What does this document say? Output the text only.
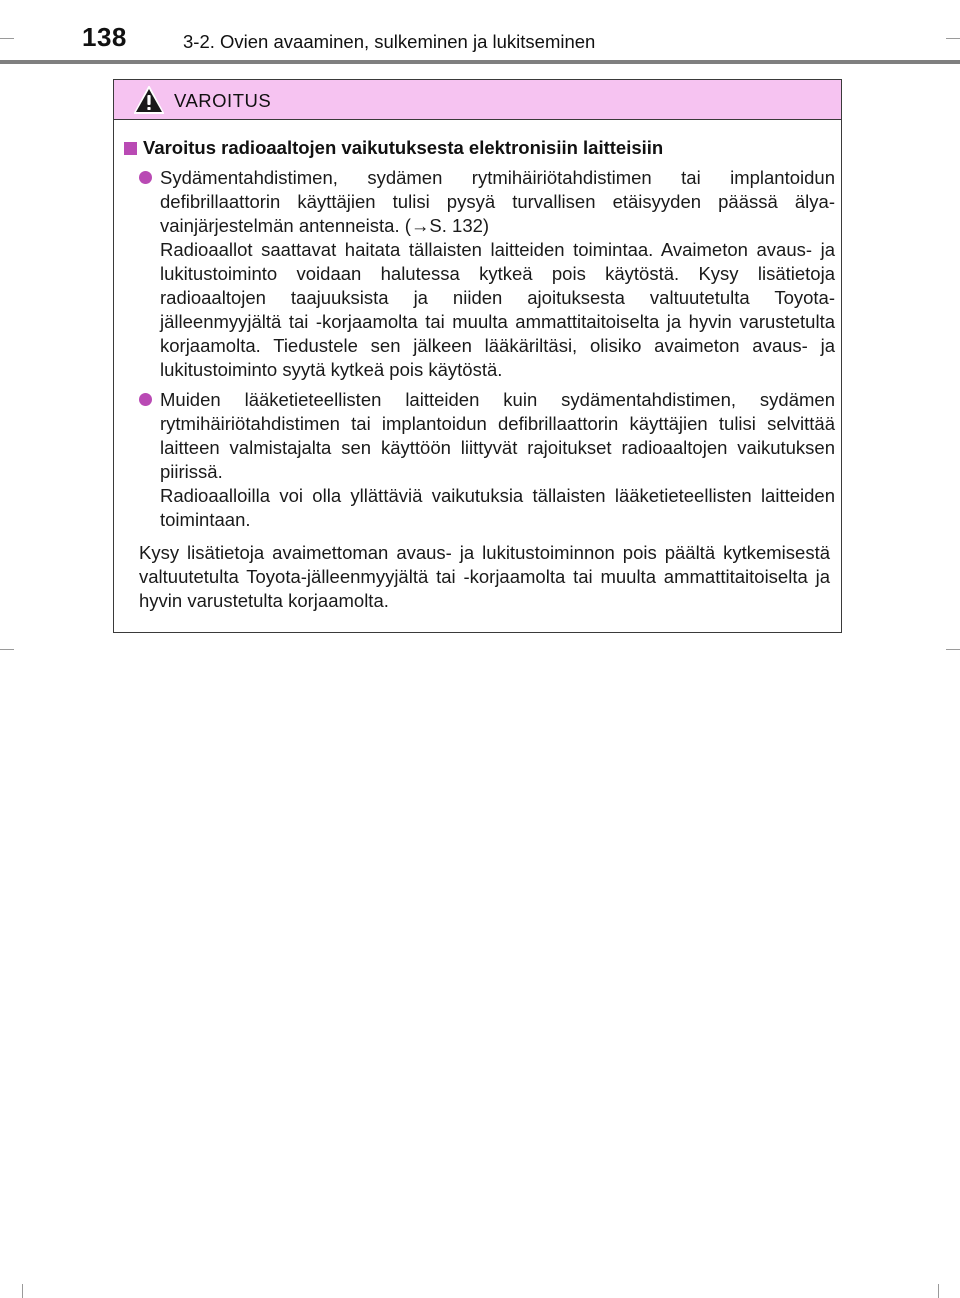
138	3-2. Ovien avaaminen, sulkeminen ja lukitseminen
VAROITUS
Varoitus radioaaltojen vaikutuksesta elektronisiin laitteisiin

Sydämentahdistimen, sydämen rytmihäiriötahdistimen tai implantoidun defibrillaattorin käyttäjien tulisi pysyä turvallisen etäisyyden päässä älyavainjärjestelmän antenneista. (→S. 132)

Radioaallot saattavat haitata tällaisten laitteiden toimintaa. Avaimeton avaus- ja lukitustoiminto voidaan halutessa kytkeä pois käytöstä. Kysy lisätietoja radioaaltojen taajuuksista ja niiden ajoituksesta valtuutetulta Toyota-jälleenmyyjältä tai -korjaamolta tai muulta ammattitaitoiselta ja hyvin varustetulta korjaamolta. Tiedustele sen jälkeen lääkäriltäsi, olisiko avaimeton avaus- ja lukitustoiminto syytä kytkeä pois käytöstä.

Muiden lääketieteellisten laitteiden kuin sydämentahdistimen, sydämen rytmihäiriötahdistimen tai implantoidun defibrillaattorin käyttäjien tulisi selvittää laitteen valmistajalta sen käyttöön liittyvät rajoitukset radioaaltojen vaikutuksen piirissä.

Radioaalloilla voi olla yllättäviä vaikutuksia tällaisten lääketieteellisten laitteiden toimintaan.

Kysy lisätietoja avaimettoman avaus- ja lukitustoiminnon pois päältä kytkemisestä valtuutetulta Toyota-jälleenmyyjältä tai -korjaamolta tai muulta ammattitaitoiselta ja hyvin varustetulta korjaamolta.
